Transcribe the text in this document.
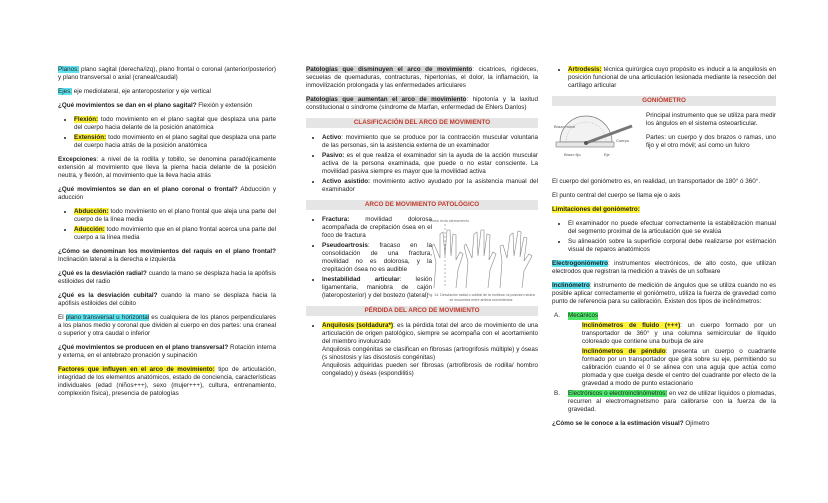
Planos: plano sagital (derecha/izq), plano frontal o coronal (anterior/posterior) y plano transversal o axial (craneal/caudal)

Ejes: eje mediolateral, eje anteroposterior y eje vertical

¿Qué movimientos se dan en el plano sagital? Flexión y extensión

• Flexión: todo movimiento en el plano sagital que desplaza una parte del cuerpo hacia delante de la posición anatómica
• Extensión: todo movimiento en el plano sagital que desplaza una parte del cuerpo hacia atrás de la posición anatómica

Excepciones: a nivel de la rodilla y tobillo, se denomina paradójicamente extensión al movimiento que lleva la pierna hacia delante de la posición neutra, y flexión, al movimiento que la lleva hacia atrás

¿Qué movimientos se dan en el plano coronal o frontal? Abducción y aducción

• Abducción: todo movimiento en el plano frontal que aleja una parte del cuerpo de la línea media
• Aducción: todo movimiento que en el plano frontal acerca una parte del cuerpo a la línea media

¿Cómo se denominan los movimientos del raquis en el plano frontal? Inclinación lateral a la derecha e izquierda

¿Qué es la desviación radial? cuando la mano se desplaza hacia la apófisis estiloides del radio

¿Qué es la desviación cubital? cuando la mano se desplaza hacia la apófisis estiloides del cúbito

El plano transversal u horizontal es cualquiera de los planos perpendiculares a los planos medio y coronal que dividen al cuerpo en dos partes: una craneal o superior y otra caudal o inferior

¿Qué movimientos se producen en el plano transversal? Rotación interna y externa, en el antebrazo pronación y supinación

Factores que influyen en el arco de movimiento: tipo de articulación, integridad de los elementos anatómicos, estado de conciencia, características individuales (edad (niños+++), sexo (mujer+++), cultura, entrenamiento, complexión física), presencia de patologías

Patologías que disminuyen el arco de movimiento: cicatrices, rigideces, secuelas de quemaduras, contracturas, hipertonías, el dolor, la inflamación, la inmovilización prolongada y las enfermedades articulares

Patologías que aumentan el arco de movimiento: hipotonía y la laxitud constitucional o síndrome (síndrome de Marfan, enfermedad de Ehlers Danlos)

CLASIFICACIÓN DEL ARCO DE MOVIMIENTO
• Activo: movimiento que se produce por la contracción muscular voluntaria de las personas, sin la asistencia externa de un examinador
• Pasivo: es el que realiza el examinador sin la ayuda de la acción muscular activa de la persona examinada, que puede o no estar consciente. La movilidad pasiva siempre es mayor que la movilidad activa
• Activo asistido: movimiento activo ayudado por la asistencia manual del examinador
ARCO DE MOVIMIENTO PATOLÓGICO
• Fractura: movilidad dolorosa acompañada de crepitación ósea en el foco de fractura
• Pseudoartrosis: fracaso en la consolidación de una fractura, movilidad no es dolorosa, y la crepitación ósea no es audible
• Inestabilidad articular: lesión ligamentaria, maniobra de cajón (lateroposterior) y del bostezo (lateral)
Linea recta alineamiento
Fig. 14. Desviación radial o cubital de la muñeca: la posición neutra se encuentra entre ambos movimientos
PÉRDIDA DEL ARCO DE MOVIMIENTO
• Anquilosis (soldadura*): es la pérdida total del arco de movimiento de una articulación de origen patológico, siempre se acompaña con el acortamiento del miembro involucrado
Anquilosis congénitas se clasifican en fibrosas (artrogrifosis múltiple) y óseas (s sinostosis y las disostosis congénitas)
Anquilosis adquiridas pueden ser fibrosas (artrofibrosis de rodilla/ hombro congelado) y óseas (espondilitis)
• Artrodesis: técnica quirúrgica cuyo propósito es inducir a la anquilosis en posición funcional de una articulación lesionada mediante la resección del cartílago articular
GONIÓMETRO
Brazo móvil
Cuerpo
Brazo fijo	Eje

Principal instrumento que se utiliza para medir los ángulos en el sistema osteoarticular.

Partes: un cuerpo y dos brazos o ramas, uno fijo y el otro móvil; así como un fulcro

El cuerpo del goniómetro es, en realidad, un transportador de 180° ó 360°.

El punto central del cuerpo se llama eje o axis

Limitaciones del goniómetro:

• El examinador no puede efectuar correctamente la estabilización manual del segmento proximal de la articulación que se evalúa
• Su alineación sobre la superficie corporal debe realizarse por estimación visual de reparos anatómicos

Electrogoniómetro: instrumentos electrónicos, de alto costo, que utilizan electrodos que registran la medición a través de un software

Inclinómetro: instrumento de medición de ángulos que se utiliza cuando no es posible aplicar correctamente el goniómetro, utiliza la fuerza de gravedad como punto de referencia para su calibración. Existen dos tipos de inclinómetros:

A.	Mecánicos
Inclinómetros de fluido (+++): un cuerpo formado por un transportador de 360° y una columna semicircular de líquido coloreado que contiene una burbuja de aire
Inclinómetros de péndulo: presenta un cuerpo o cuadrante formado por un transportador que gira sobre su eje, permitiendo su calibración cuando el 0 se alinea con una aguja que actúa como plomada y que cuelga desde el centro del cuadrante por efecto de la gravedad a modo de punto estacionario
B.	Electrónicos o electroinclinómetros: en vez de utilizar líquidos o plomadas, recurren al electromagnetismo para calibrarse con la fuerza de la gravedad.

¿Cómo se le conoce a la estimación visual? Ojímetro
